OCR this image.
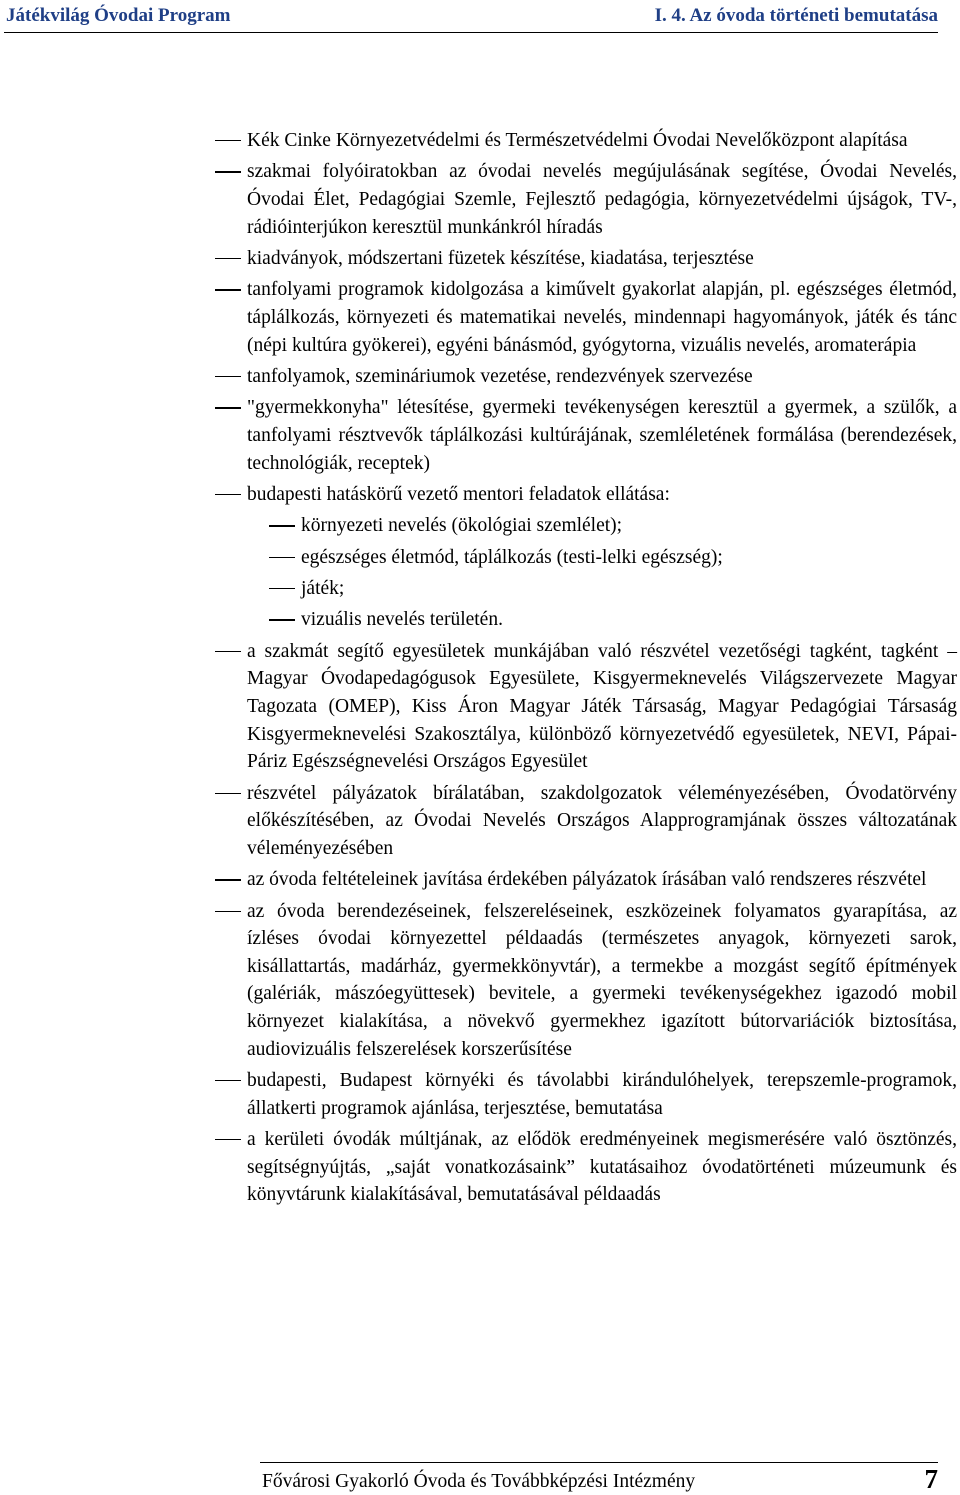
Játékvilág Óvodai Program	I. 4. Az óvoda történeti bemutatása
Kék Cinke Környezetvédelmi és Természetvédelmi Óvodai Nevelőközpont alapítása
szakmai folyóiratokban az óvodai nevelés megújulásának segítése, Óvodai Nevelés, Óvodai Élet, Pedagógiai Szemle, Fejlesztő pedagógia, környezetvédelmi újságok, TV-, rádióinterjúkon keresztül munkánkról híradás
kiadványok, módszertani füzetek készítése, kiadatása, terjesztése
tanfolyami programok kidolgozása a kiművelt gyakorlat alapján, pl. egészséges életmód, táplálkozás, környezeti és matematikai nevelés, mindennapi hagyományok, játék és tánc (népi kultúra gyökerei), egyéni bánásmód, gyógytorna, vizuális nevelés, aromaterápia
tanfolyamok, szemináriumok vezetése, rendezvények szervezése
"gyermekkonyha" létesítése, gyermeki tevékenységen keresztül a gyermek, a szülők, a tanfolyami résztvevők táplálkozási kultúrájának, szemléletének formálása (berendezések, technológiák, receptek)
budapesti hatáskörű vezető mentori feladatok ellátása:
környezeti nevelés (ökológiai szemlélet);
egészséges életmód, táplálkozás (testi-lelki egészség);
játék;
vizuális nevelés területén.
a szakmát segítő egyesületek munkájában való részvétel vezetőségi tagként, tagként – Magyar Óvodapedagógusok Egyesülete, Kisgyermeknevelés Világszervezete Magyar Tagozata (OMEP), Kiss Áron Magyar Játék Társaság, Magyar Pedagógiai Társaság Kisgyermeknevelési Szakosztálya, különböző környezetvédő egyesületek, NEVI, Pápai-Páriz Egészségnevelési Országos Egyesület
részvétel pályázatok bírálatában, szakdolgozatok véleményezésében, Óvodatörvény előkészítésében, az Óvodai Nevelés Országos Alapprogramjának összes változatának véleményezésében
az óvoda feltételeinek javítása érdekében pályázatok írásában való rendszeres részvétel
az óvoda berendezéseinek, felszereléseinek, eszközeinek folyamatos gyarapítása, az ízléses óvodai környezettel példaadás (természetes anyagok, környezeti sarok, kisállattartás, madárház, gyermekkönyvtár), a termekbe a mozgást segítő építmények (galériák, mászóegyüttesek) bevitele, a gyermeki tevékenységekhez igazodó mobil környezet kialakítása, a növekvő gyermekhez igazított bútorvariációk biztosítása, audiovizuális felszerelések korszerűsítése
budapesti, Budapest környéki és távolabbi kirándulóhelyek, terepszemle-programok, állatkerti programok ajánlása, terjesztése, bemutatása
a kerületi óvodák múltjának, az elődök eredményeinek megismerésére való ösztönzés, segítségnyújtás, „saját vonatkozásaink” kutatásaihoz óvodatörténeti múzeumunk és könyvtárunk kialakításával, bemutatásával példaadás
Fővárosi Gyakorló Óvoda és Továbbképzési Intézmény	7
